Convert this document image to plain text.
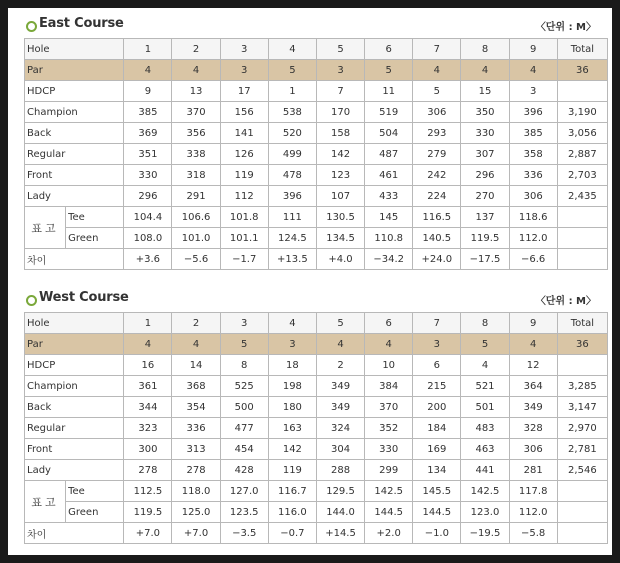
East Course	〈단위 : M〉
Hole		1	2	3	4	5	6	7	8	9	Total
Par		4	4	3	5	3	5	4	4	4	36
HDCP		9	13	17	1	7	11	5	15	3	
Champion		385	370	156	538	170	519	306	350	396	3,190
Back		369	356	141	520	158	504	293	330	385	3,056
Regular		351	338	126	499	142	487	279	307	358	2,887
Front		330	318	119	478	123	461	242	296	336	2,703
Lady		296	291	112	396	107	433	224	270	306	2,435
표고	Tee	104.4	106.6	101.8	111	130.5	145	116.5	137	118.6	
	Green	108.0	101.0	101.1	124.5	134.5	110.8	140.5	119.5	112.0	
차이		+3.6	−5.6	−1.7	+13.5	+4.0	−34.2	+24.0	−17.5	−6.6	
West Course	〈단위 : M〉
Hole		1	2	3	4	5	6	7	8	9	Total
Par		4	4	5	3	4	4	3	5	4	36
HDCP		16	14	8	18	2	10	6	4	12	
Champion		361	368	525	198	349	384	215	521	364	3,285
Back		344	354	500	180	349	370	200	501	349	3,147
Regular		323	336	477	163	324	352	184	483	328	2,970
Front		300	313	454	142	304	330	169	463	306	2,781
Lady		278	278	428	119	288	299	134	441	281	2,546
표고	Tee	112.5	118.0	127.0	116.7	129.5	142.5	145.5	142.5	117.8	
	Green	119.5	125.0	123.5	116.0	144.0	144.5	144.5	123.0	112.0	
차이		+7.0	+7.0	−3.5	−0.7	+14.5	+2.0	−1.0	−19.5	−5.8	
